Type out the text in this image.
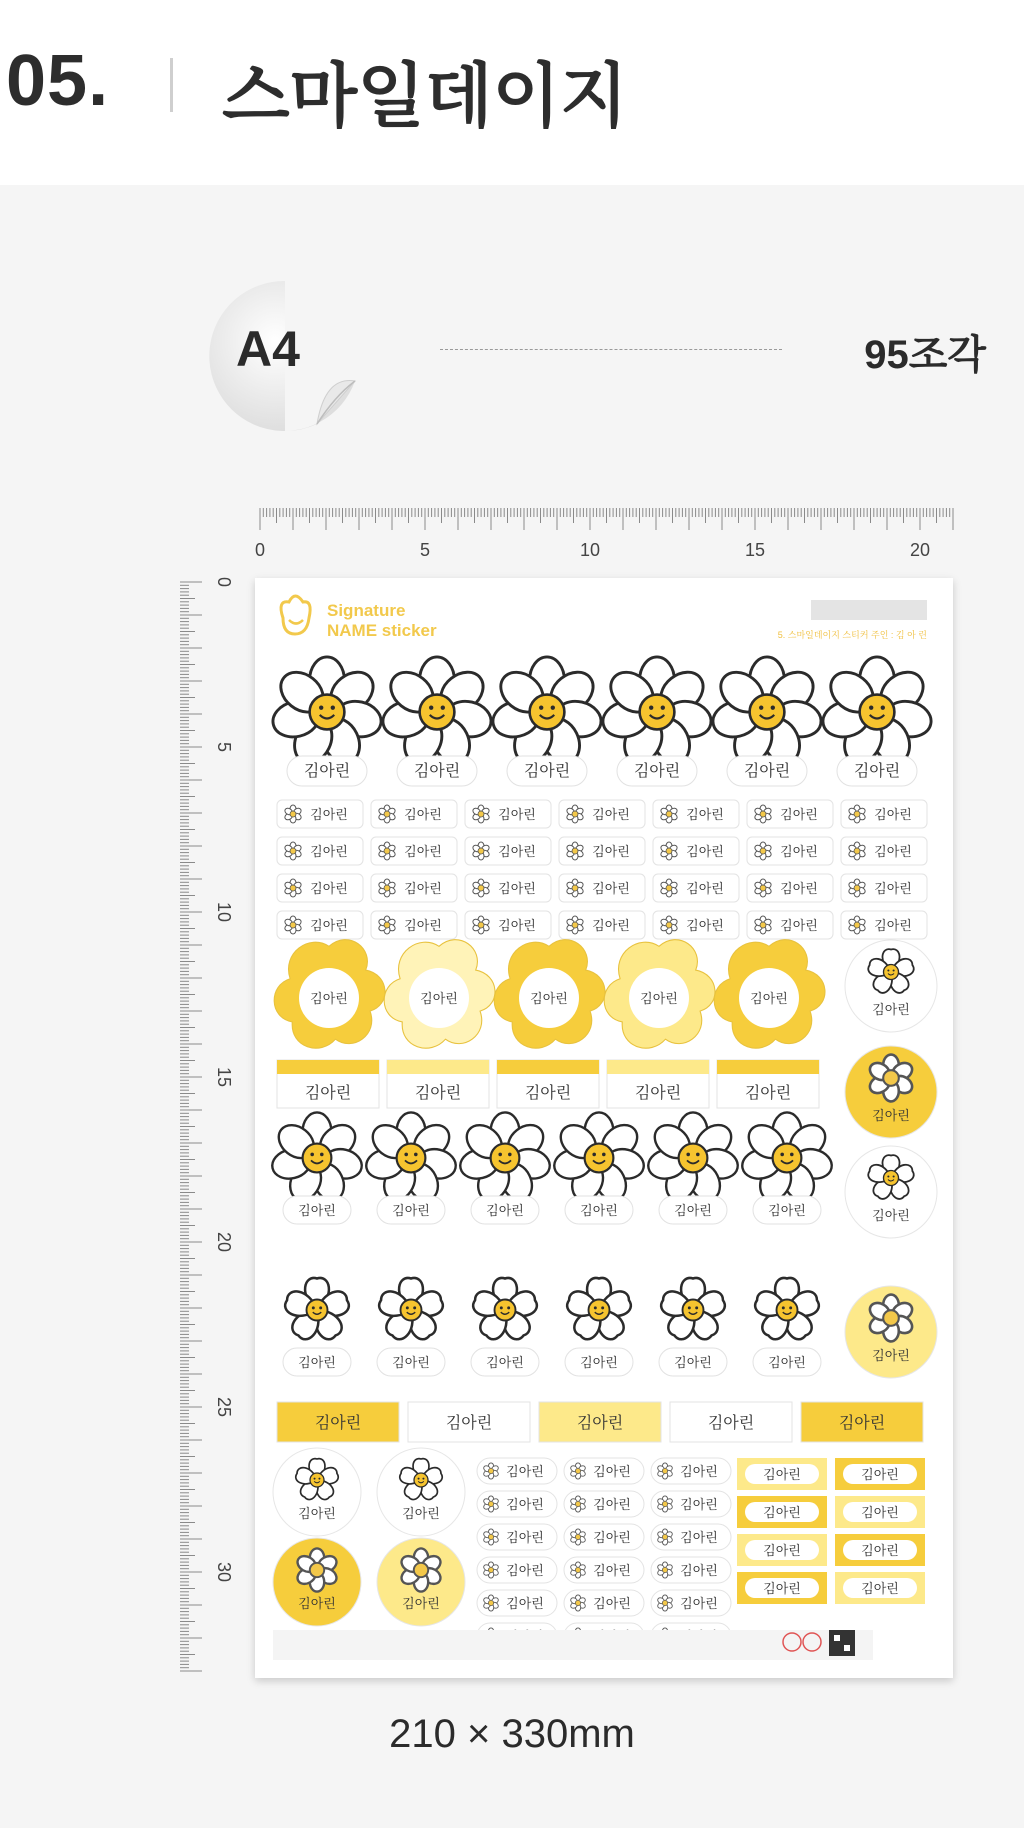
05. 스마일데이지
A4	95조각
0	5	10	15	20
0
5
10
15
20
25
30
Signature
NAME sticker	5. 스마일데이지 스티커 주인 : 김 아 린
김아린	김아린	김아린	김아린	김아린	김아린
김아린	김아린	김아린	김아린	김아린	김아린	김아린
김아린	김아린	김아린	김아린	김아린	김아린	김아린
김아린	김아린	김아린	김아린	김아린	김아린	김아린
김아린	김아린	김아린	김아린	김아린	김아린	김아린
김아린	김아린	김아린	김아린	김아린
김아린	김아린	김아린	김아린	김아린
김아린
김아린
김아린
김아린
김아린	김아린	김아린	김아린	김아린	김아린
김아린	김아린	김아린	김아린	김아린	김아린
김아린	김아린	김아린	김아린	김아린
김아린	김아린
김아린	김아린
김아린	김아린	김아린
김아린	김아린	김아린
김아린	김아린	김아린
김아린	김아린	김아린
김아린	김아린	김아린
김아린	김아린
김아린	김아린
김아린	김아린
김아린	김아린
210 × 330mm
